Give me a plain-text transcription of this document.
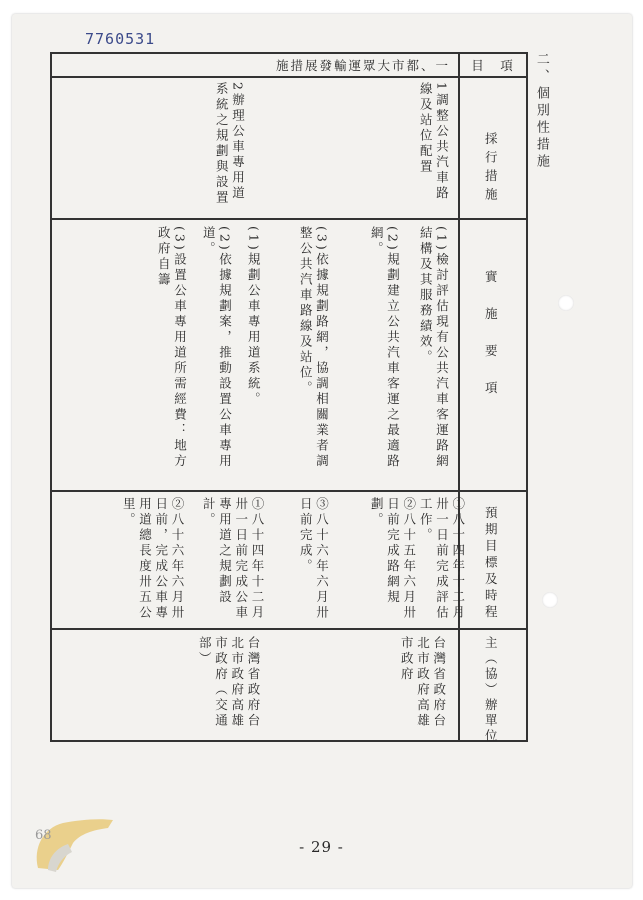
7760531
二、個別性措施
目　項
一、都市大眾運輸發展措施
採行措施
實　施　要　項
預期目標及時程
主（協）辦單位
1調整公共汽車路線及站位配置
2辦理公車專用道系統之規劃與設置
(1)檢討評估現有公共汽車客運路網結構及其服務績效。
(2)規劃建立公共汽車客運之最適路網。
(3)依據規劃路網，協調相關業者調整公共汽車路線及站位。
(1)規劃公車專用道系統。
(2)依據規劃案，推動設置公車專用道。
(3)設置公車專用道所需經費：地方政府自籌
①八十四年十二月卅一日前完成評估工作。
②八十五年六月卅日前完成路網規劃。
③八十六年六月卅日前完成。
①八十四年十二月卅一日前完成公車專用道之規劃設計。
②八十六年六月卅日前，完成公車專用道總長度卅五公里。
台灣省政府台北市政府高雄市政府
台灣省政府台北市政府高雄市政府（交通部）
- 29 -
68
